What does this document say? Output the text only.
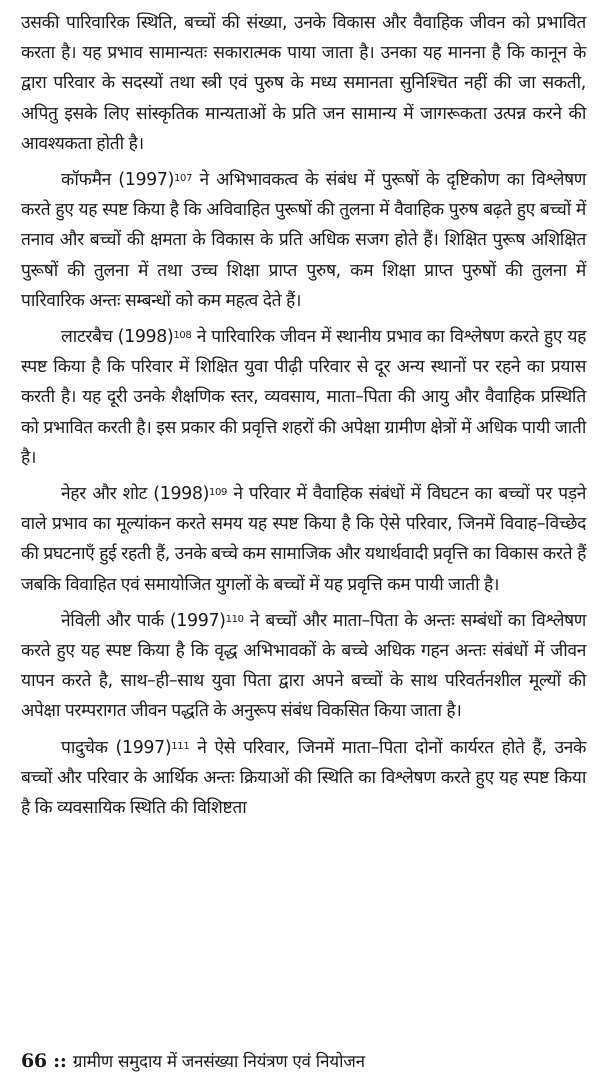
उसकी पारिवारिक स्थिति, बच्चों की संख्या, उनके विकास और वैवाहिक जीवन को प्रभावित करता है। यह प्रभाव सामान्यतः सकारात्मक पाया जाता है। उनका यह मानना है कि कानून के द्वारा परिवार के सदस्यों तथा स्त्री एवं पुरुष के मध्य समानता सुनिश्चित नहीं की जा सकती, अपितु इसके लिए सांस्कृतिक मान्यताओं के प्रति जन सामान्य में जागरूकता उत्पन्न करने की आवश्यकता होती है।

कॉफमैन $(1997)^{107}$ ने अभिभावकत्व के संबंध में पुरूषों के दृष्टिकोण का विश्लेषण करते हुए यह स्पष्ट किया है कि अविवाहित पुरूषों की तुलना में वैवाहिक पुरुष बढ़ते हुए बच्चों में तनाव और बच्चों की क्षमता के विकास के प्रति अधिक सजग होते हैं। शिक्षित पुरूष अशिक्षित पुरूषों की तुलना में तथा उच्च शिक्षा प्राप्त पुरुष, कम शिक्षा प्राप्त पुरुषों की तुलना में पारिवारिक अन्तः सम्बन्धों को कम महत्व देते हैं।

लाटरबैच $(1998)^{108}$ ने पारिवारिक जीवन में स्थानीय प्रभाव का विश्लेषण करते हुए यह स्पष्ट किया है कि परिवार में शिक्षित युवा पीढ़ी परिवार से दूर अन्य स्थानों पर रहने का प्रयास करती है। यह दूरी उनके शैक्षणिक स्तर, व्यवसाय, माता–पिता की आयु और वैवाहिक प्रस्थिति को प्रभावित करती है। इस प्रकार की प्रवृत्ति शहरों की अपेक्षा ग्रामीण क्षेत्रों में अधिक पायी जाती है।

नेहर और शोट $(1998)^{109}$ ने परिवार में वैवाहिक संबंधों में विघटन का बच्चों पर पड़ने वाले प्रभाव का मूल्यांकन करते समय यह स्पष्ट किया है कि ऐसे परिवार, जिनमें विवाह–विच्छेद की प्रघटनाएँ हुई रहती हैं, उनके बच्चे कम सामाजिक और यथार्थवादी प्रवृत्ति का विकास करते हैं जबकि विवाहित एवं समायोजित युगलों के बच्चों में यह प्रवृत्ति कम पायी जाती है।

नेविली और पार्क $(1997)^{110}$ ने बच्चों और माता–पिता के अन्तः सम्बंधों का विश्लेषण करते हुए यह स्पष्ट किया है कि वृद्ध अभिभावकों के बच्चे अधिक गहन अन्तः संबंधों में जीवन यापन करते है, साथ–ही–साथ युवा पिता द्वारा अपने बच्चों के साथ परिवर्तनशील मूल्यों की अपेक्षा परम्परागत जीवन पद्धति के अनुरूप संबंध विकसित किया जाता है।

पादुचेक $(1997)^{111}$ ने ऐसे परिवार, जिनमें माता–पिता दोनों कार्यरत होते हैं, उनके बच्चों और परिवार के आर्थिक अन्तः क्रियाओं की स्थिति का विश्लेषण करते हुए यह स्पष्ट किया है कि व्यवसायिक स्थिति की विशिष्टता

66 :: ग्रामीण समुदाय में जनसंख्या नियंत्रण एवं नियोजन
